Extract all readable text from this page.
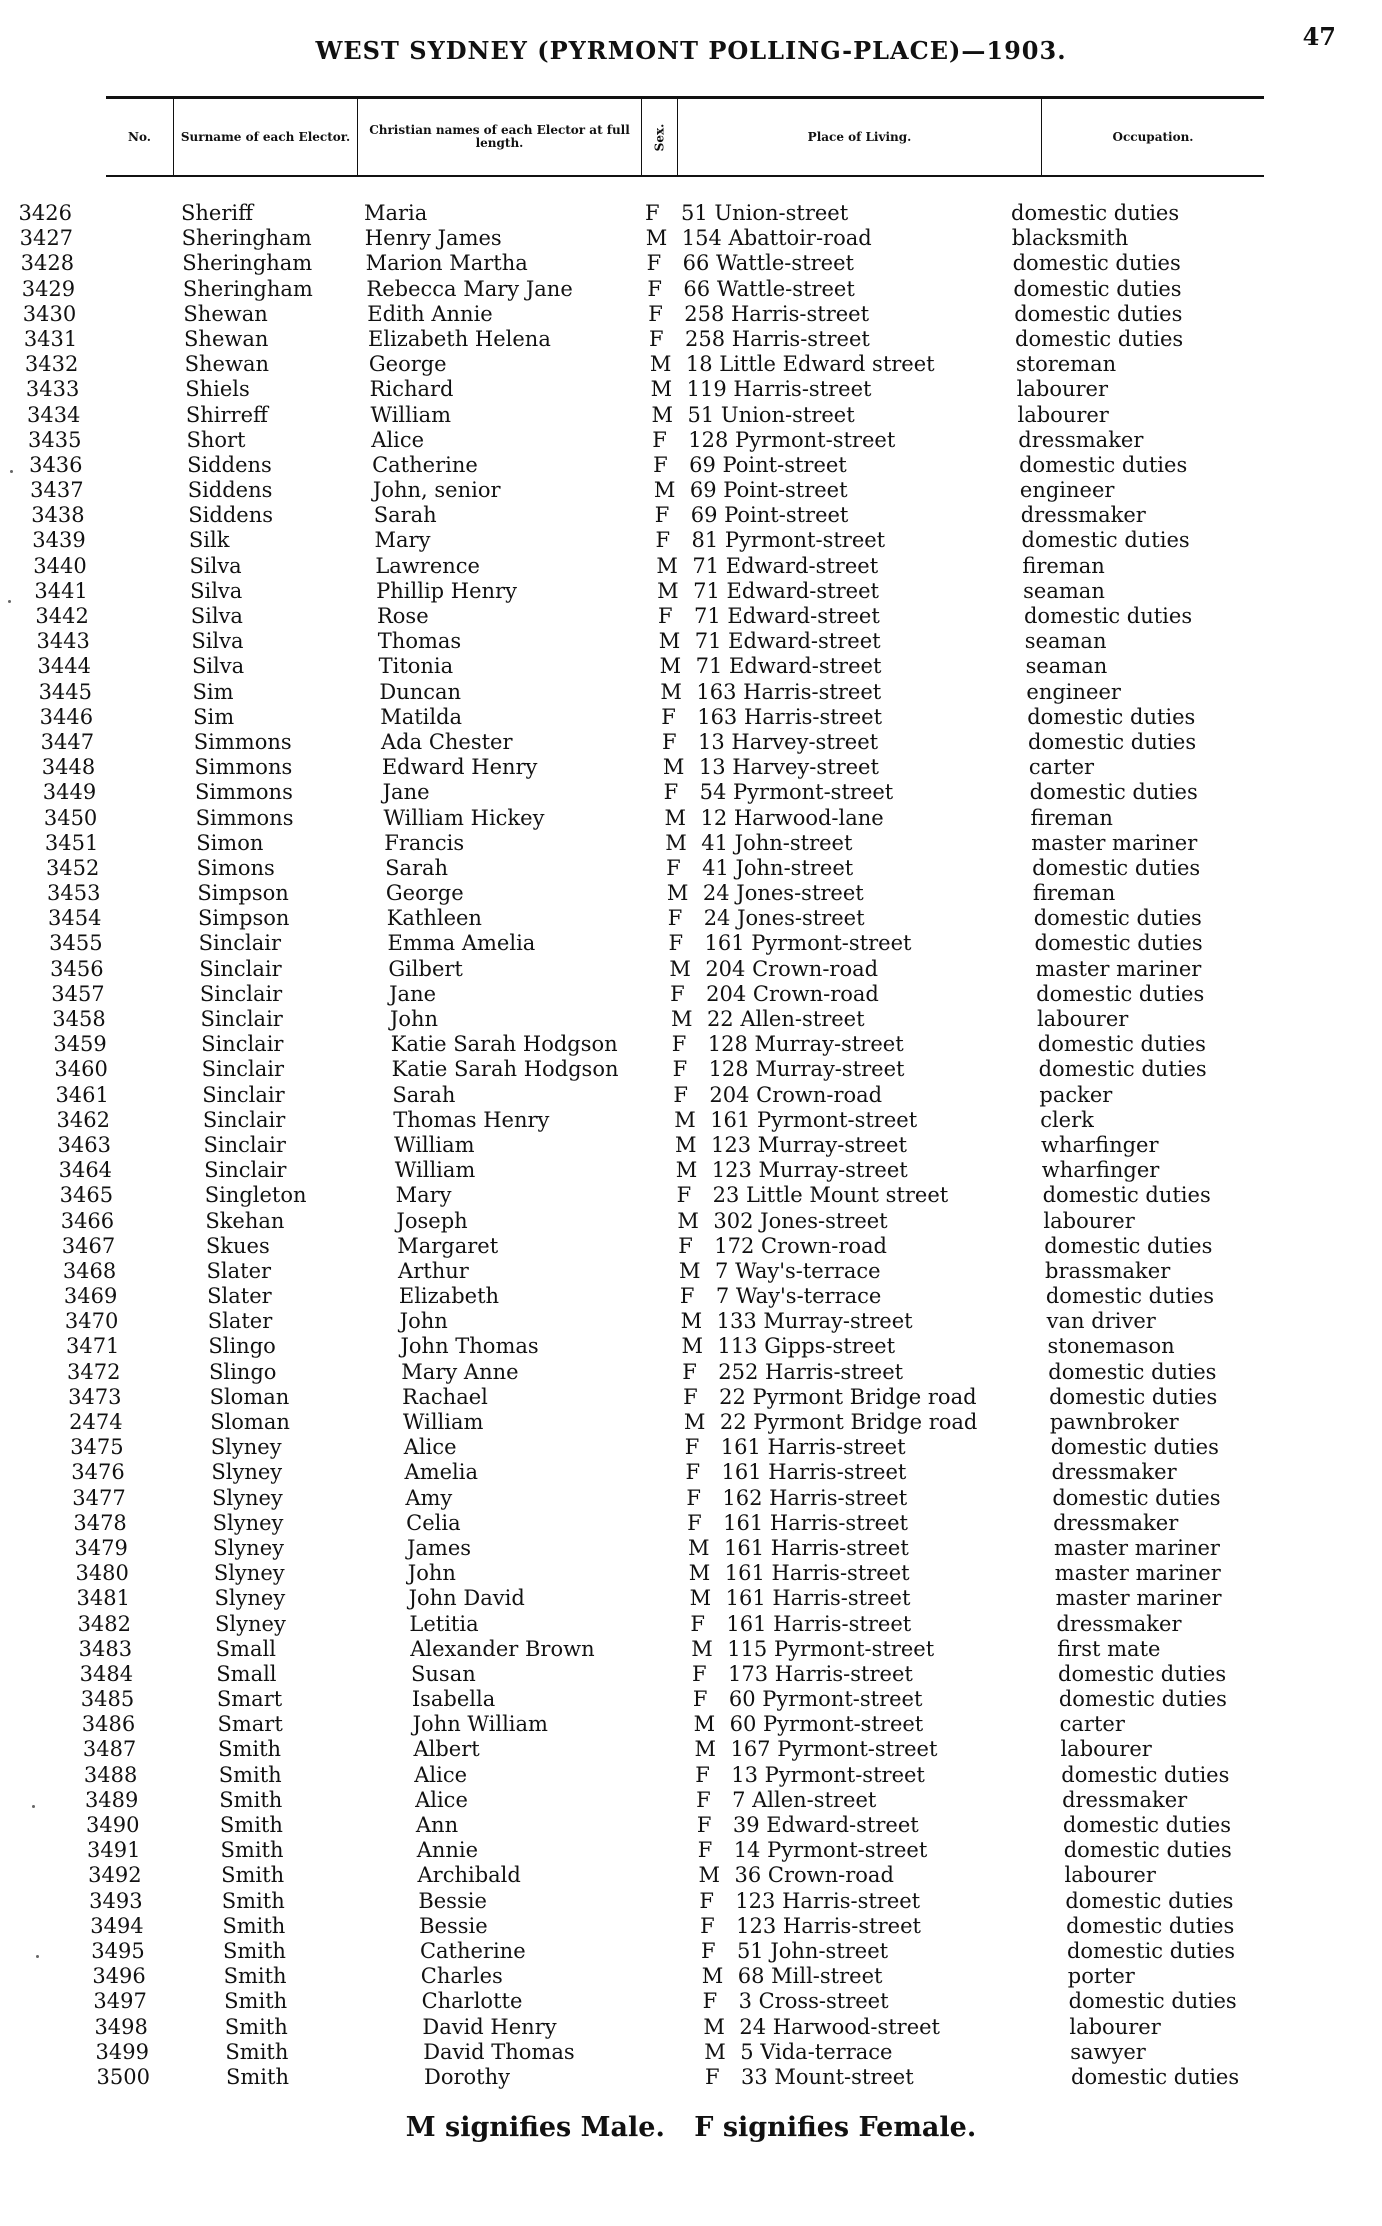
WEST SYDNEY (PYRMONT POLLING-PLACE)—1903.	47
No.	Surname of each Elector.	Christian names of each Elector at full length.	Sex.	Place of Living.	Occupation.
3426	Sheriff	Maria	F	51 Union-street	domestic duties
3427	Sheringham	Henry James	M 154 Abattoir-road	blacksmith
3428	Sheringham	Marion Martha	F	66 Wattle-street	domestic duties
3429	Sheringham	Rebecca Mary Jane	F	66 Wattle-street	domestic duties
3430	Shewan	Edith Annie	F	258 Harris-street	domestic duties
3431	Shewan	Elizabeth Helena	F	258 Harris-street	domestic duties
3432	Shewan	George	M 18 Little Edward street	storeman
3433	Shiels	Richard	M 119 Harris-street	labourer
3434	Shirreff	William	M 51 Union-street	labourer
3435	Short	Alice	F	128 Pyrmont-street	dressmaker
3436	Siddens	Catherine	F	69 Point-street	domestic duties
3437	Siddens	John, senior	M 69 Point-street	engineer
3438	Siddens	Sarah	F	69 Point-street	dressmaker
3439	Silk	Mary	F	81 Pyrmont-street	domestic duties
3440	Silva	Lawrence	M 71 Edward-street	fireman
3441	Silva	Phillip Henry	M 71 Edward-street	seaman
3442	Silva	Rose	F	71 Edward-street	domestic duties
3443	Silva	Thomas	M 71 Edward-street	seaman
3444	Silva	Titonia	M 71 Edward-street	seaman
3445	Sim	Duncan	M 163 Harris-street	engineer
3446	Sim	Matilda	F	163 Harris-street	domestic duties
3447	Simmons	Ada Chester	F	13 Harvey-street	domestic duties
3448	Simmons	Edward Henry	M 13 Harvey-street	carter
3449	Simmons	Jane	F	54 Pyrmont-street	domestic duties
3450	Simmons	William Hickey	M 12 Harwood-lane	fireman
3451	Simon	Francis	M 41 John-street	master mariner
3452	Simons	Sarah	F	41 John-street	domestic duties
3453	Simpson	George	M 24 Jones-street	fireman
3454	Simpson	Kathleen	F	24 Jones-street	domestic duties
3455	Sinclair	Emma Amelia	F	161 Pyrmont-street	domestic duties
3456	Sinclair	Gilbert	M 204 Crown-road	master mariner
3457	Sinclair	Jane	F	204 Crown-road	domestic duties
3458	Sinclair	John	M 22 Allen-street	labourer
3459	Sinclair	Katie Sarah Hodgson	F	128 Murray-street	domestic duties
3460	Sinclair	Katie Sarah Hodgson	F	128 Murray-street	domestic duties
3461	Sinclair	Sarah	F	204 Crown-road	packer
3462	Sinclair	Thomas Henry	M 161 Pyrmont-street	clerk
3463	Sinclair	William	M 123 Murray-street	wharfinger
3464	Sinclair	William	M 123 Murray-street	wharfinger
3465	Singleton	Mary	F	23 Little Mount street	domestic duties
3466	Skehan	Joseph	M 302 Jones-street	labourer
3467	Skues	Margaret	F	172 Crown-road	domestic duties
3468	Slater	Arthur	M 7 Way's-terrace	brassmaker
3469	Slater	Elizabeth	F	7 Way's-terrace	domestic duties
3470	Slater	John	M 133 Murray-street	van driver
3471	Slingo	John Thomas	M 113 Gipps-street	stonemason
3472	Slingo	Mary Anne	F	252 Harris-street	domestic duties
3473	Sloman	Rachael	F	22 Pyrmont Bridge road	domestic duties
2474	Sloman	William	M 22 Pyrmont Bridge road	pawnbroker
3475	Slyney	Alice	F	161 Harris-street	domestic duties
3476	Slyney	Amelia	F	161 Harris-street	dressmaker
3477	Slyney	Amy	F	162 Harris-street	domestic duties
3478	Slyney	Celia	F	161 Harris-street	dressmaker
3479	Slyney	James	M 161 Harris-street	master mariner
3480	Slyney	John	M 161 Harris-street	master mariner
3481	Slyney	John David	M 161 Harris-street	master mariner
3482	Slyney	Letitia	F	161 Harris-street	dressmaker
3483	Small	Alexander Brown	M 115 Pyrmont-street	first mate
3484	Small	Susan	F	173 Harris-street	domestic duties
3485	Smart	Isabella	F	60 Pyrmont-street	domestic duties
3486	Smart	John William	M 60 Pyrmont-street	carter
3487	Smith	Albert	M 167 Pyrmont-street	labourer
3488	Smith	Alice	F	13 Pyrmont-street	domestic duties
3489	Smith	Alice	F	7 Allen-street	dressmaker
3490	Smith	Ann	F	39 Edward-street	domestic duties
3491	Smith	Annie	F	14 Pyrmont-street	domestic duties
3492	Smith	Archibald	M 36 Crown-road	labourer
3493	Smith	Bessie	F	123 Harris-street	domestic duties
3494	Smith	Bessie	F	123 Harris-street	domestic duties
3495	Smith	Catherine	F	51 John-street	domestic duties
3496	Smith	Charles	M 68 Mill-street	porter
3497	Smith	Charlotte	F	3 Cross-street	domestic duties
3498	Smith	David Henry	M 24 Harwood-street	labourer
3499	Smith	David Thomas	M 5 Vida-terrace	sawyer
3500	Smith	Dorothy	F	33 Mount-street	domestic duties
M signifies Male. F signifies Female.
